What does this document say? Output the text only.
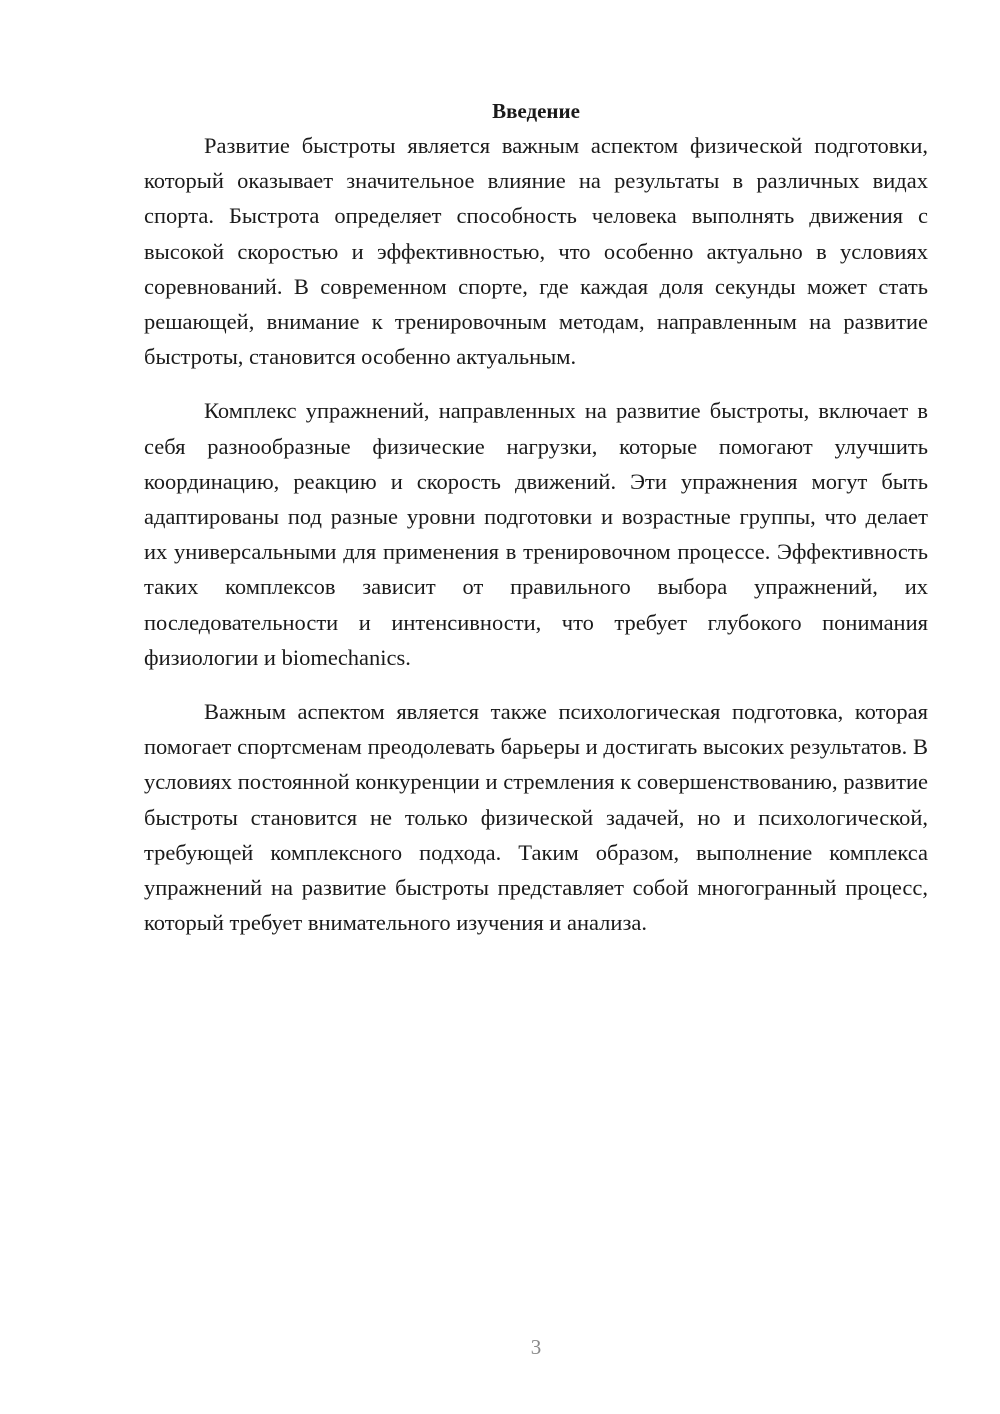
Введение

Развитие быстроты является важным аспектом физической подготовки, который оказывает значительное влияние на результаты в различных видах спорта. Быстрота определяет способность человека выполнять движения с высокой скоростью и эффективностью, что особенно актуально в условиях соревнований. В современном спорте, где каждая доля секунды может стать решающей, внимание к тренировочным методам, направленным на развитие быстроты, становится особенно актуальным.

Комплекс упражнений, направленных на развитие быстроты, включает в себя разнообразные физические нагрузки, которые помогают улучшить координацию, реакцию и скорость движений. Эти упражнения могут быть адаптированы под разные уровни подготовки и возрастные группы, что делает их универсальными для применения в тренировочном процессе. Эффективность таких комплексов зависит от правильного выбора упражнений, их последовательности и интенсивности, что требует глубокого понимания физиологии и biomechanics.

Важным аспектом является также психологическая подготовка, которая помогает спортсменам преодолевать барьеры и достигать высоких результатов. В условиях постоянной конкуренции и стремления к совершенствованию, развитие быстроты становится не только физической задачей, но и психологической, требующей комплексного подхода. Таким образом, выполнение комплекса упражнений на развитие быстроты представляет собой многогранный процесс, который требует внимательного изучения и анализа.

3
